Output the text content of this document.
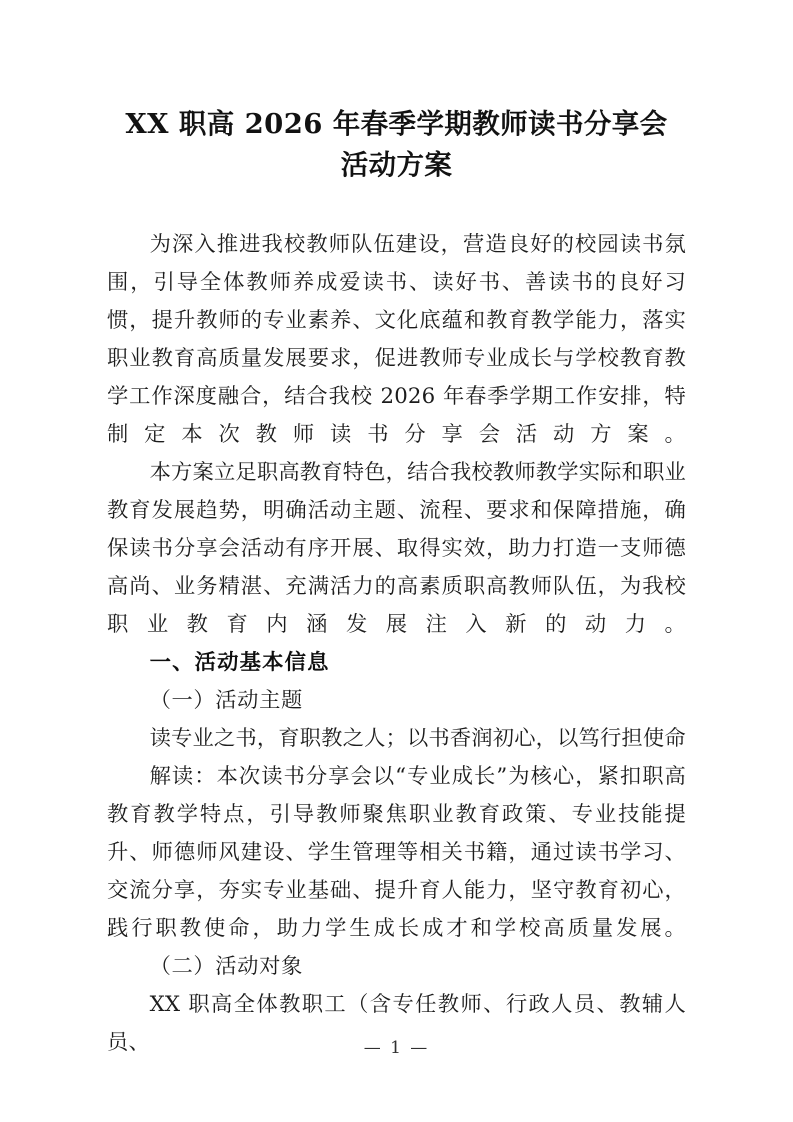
XX 职高 2026 年春季学期教师读书分享会
活动方案

为深入推进我校教师队伍建设，营造良好的校园读书氛围，引导全体教师养成爱读书、读好书、善读书的良好习惯，提升教师的专业素养、文化底蕴和教育教学能力，落实职业教育高质量发展要求，促进教师专业成长与学校教育教学工作深度融合，结合我校 2026 年春季学期工作安排，特制定本次教师读书分享会活动方案。

本方案立足职高教育特色，结合我校教师教学实际和职业教育发展趋势，明确活动主题、流程、要求和保障措施，确保读书分享会活动有序开展、取得实效，助力打造一支师德高尚、业务精湛、充满活力的高素质职高教师队伍，为我校职业教育内涵发展注入新的动力。

一、活动基本信息

（一）活动主题

读专业之书，育职教之人；以书香润初心，以笃行担使命

解读：本次读书分享会以“专业成长”为核心，紧扣职高教育教学特点，引导教师聚焦职业教育政策、专业技能提升、师德师风建设、学生管理等相关书籍，通过读书学习、交流分享，夯实专业基础、提升育人能力，坚守教育初心，践行职教使命，助力学生成长成才和学校高质量发展。

（二）活动对象

XX 职高全体教职工（含专任教师、行政人员、教辅人员、	— 1 —
